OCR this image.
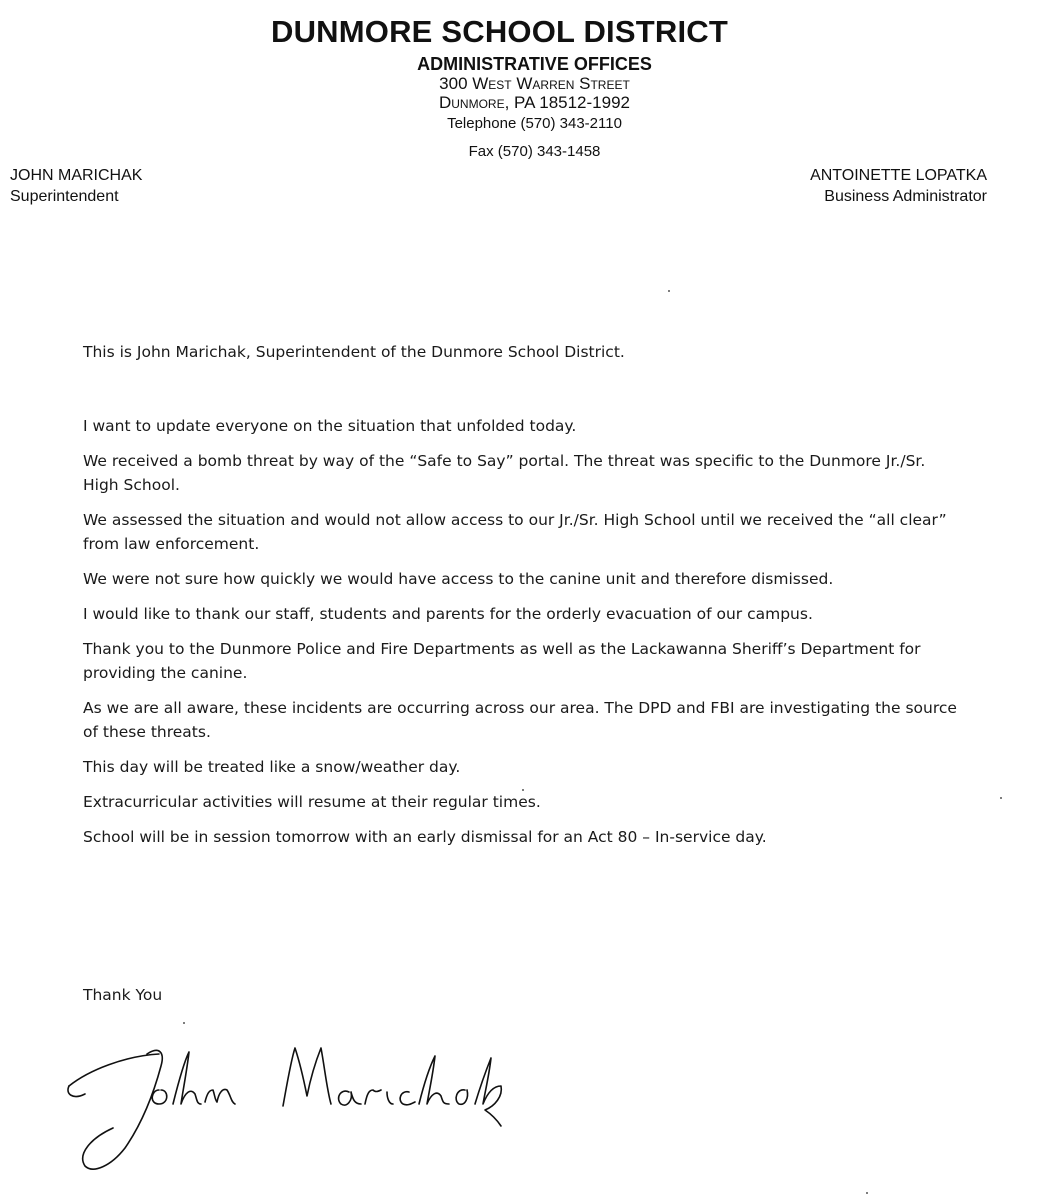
DUNMORE SCHOOL DISTRICT
ADMINISTRATIVE OFFICES
300 West Warren Street
Dunmore, PA 18512-1992
Telephone (570) 343-2110
Fax (570) 343-1458
JOHN MARICHAK
Superintendent
ANTOINETTE LOPATKA
Business Administrator

This is John Marichak, Superintendent of the Dunmore School District.

I want to update everyone on the situation that unfolded today.

We received a bomb threat by way of the “Safe to Say” portal. The threat was specific to the Dunmore Jr./Sr. High School.

We assessed the situation and would not allow access to our Jr./Sr. High School until we received the “all clear” from law enforcement.

We were not sure how quickly we would have access to the canine unit and therefore dismissed.

I would like to thank our staff, students and parents for the orderly evacuation of our campus.

Thank you to the Dunmore Police and Fire Departments as well as the Lackawanna Sheriff’s Department for providing the canine.

As we are all aware, these incidents are occurring across our area. The DPD and FBI are investigating the source of these threats.

This day will be treated like a snow/weather day.

Extracurricular activities will resume at their regular times.

School will be in session tomorrow with an early dismissal for an Act 80 – In-service day.

Thank You
